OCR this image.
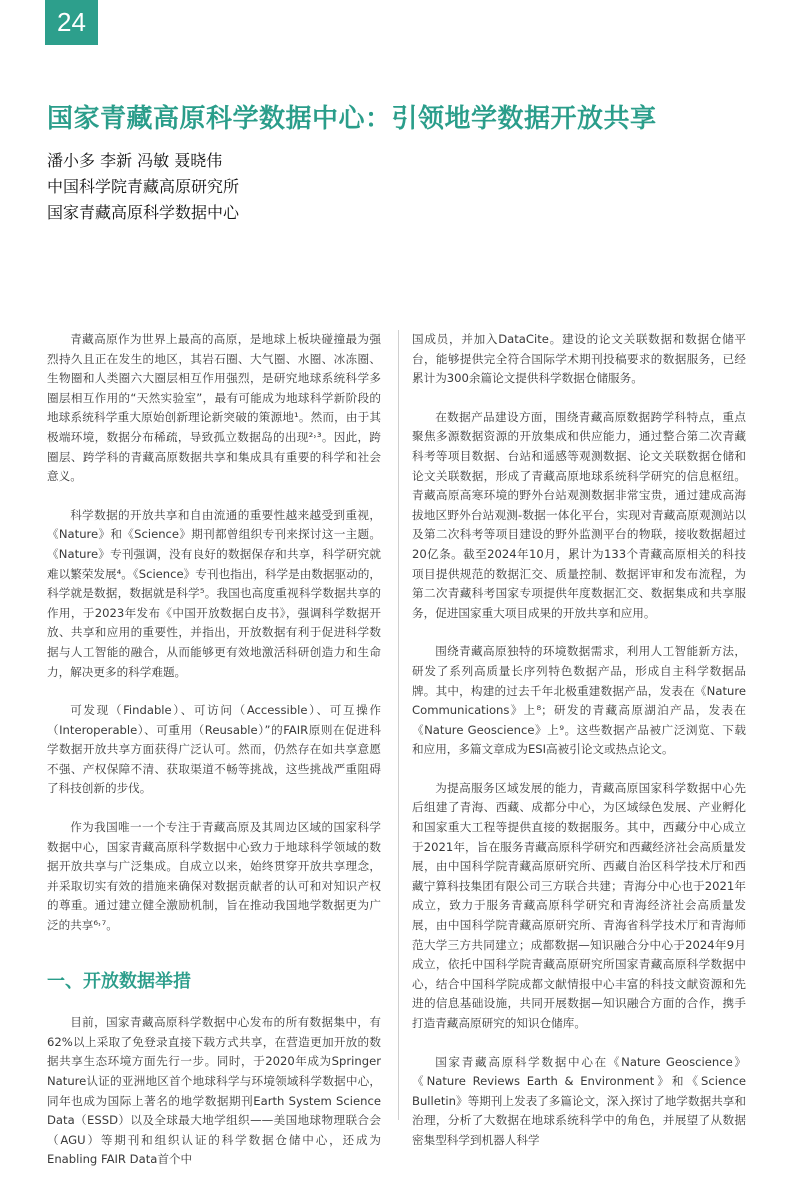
24
国家青藏高原科学数据中心：引领地学数据开放共享
潘小多 李新 冯敏 聂晓伟
中国科学院青藏高原研究所
国家青藏高原科学数据中心

青藏高原作为世界上最高的高原，是地球上板块碰撞最为强烈持久且正在发生的地区，其岩石圈、大气圈、水圈、冰冻圈、生物圈和人类圈六大圈层相互作用强烈，是研究地球系统科学多圈层相互作用的“天然实验室”，最有可能成为地球科学新阶段的地球系统科学重大原始创新理论新突破的策源地¹。然而，由于其极端环境，数据分布稀疏，导致孤立数据岛的出现²˒³。因此，跨圈层、跨学科的青藏高原数据共享和集成具有重要的科学和社会意义。

科学数据的开放共享和自由流通的重要性越来越受到重视，《Nature》和《Science》期刊都曾组织专刊来探讨这一主题。《Nature》专刊强调，没有良好的数据保存和共享，科学研究就难以繁荣发展⁴。《Science》专刊也指出，科学是由数据驱动的，科学就是数据，数据就是科学⁵。我国也高度重视科学数据共享的作用，于2023年发布《中国开放数据白皮书》，强调科学数据开放、共享和应用的重要性，并指出，开放数据有利于促进科学数据与人工智能的融合，从而能够更有效地激活科研创造力和生命力，解决更多的科学难题。

可发现（Findable）、可访问（Accessible）、可互操作（Interoperable）、可重用（Reusable）”的FAIR原则在促进科学数据开放共享方面获得广泛认可。然而，仍然存在如共享意愿不强、产权保障不清、获取渠道不畅等挑战，这些挑战严重阻碍了科技创新的步伐。

作为我国唯一一个专注于青藏高原及其周边区域的国家科学数据中心，国家青藏高原科学数据中心致力于地球科学领域的数据开放共享与广泛集成。自成立以来，始终贯穿开放共享理念，并采取切实有效的措施来确保对数据贡献者的认可和对知识产权的尊重。通过建立健全激励机制，旨在推动我国地学数据更为广泛的共享⁶˒⁷。

一、开放数据举措

目前，国家青藏高原科学数据中心发布的所有数据集中，有62%以上采取了免登录直接下载方式共享，在营造更加开放的数据共享生态环境方面先行一步。同时，于2020年成为Springer Nature认证的亚洲地区首个地球科学与环境领域科学数据中心，同年也成为国际上著名的地学数据期刊Earth System Science Data（ESSD）以及全球最大地学组织——美国地球物理联合会（AGU）等期刊和组织认证的科学数据仓储中心，还成为Enabling FAIR Data首个中

国成员，并加入DataCite。建设的论文关联数据和数据仓储平台，能够提供完全符合国际学术期刊投稿要求的数据服务，已经累计为300余篇论文提供科学数据仓储服务。

在数据产品建设方面，围绕青藏高原数据跨学科特点，重点聚焦多源数据资源的开放集成和供应能力，通过整合第二次青藏科考等项目数据、台站和遥感等观测数据、论文关联数据仓储和论文关联数据，形成了青藏高原地球系统科学研究的信息枢纽。青藏高原高寒环境的野外台站观测数据非常宝贵，通过建成高海拔地区野外台站观测-数据一体化平台，实现对青藏高原观测站以及第二次科考等项目建设的野外监测平台的物联，接收数据超过20亿条。截至2024年10月，累计为133个青藏高原相关的科技项目提供规范的数据汇交、质量控制、数据评审和发布流程，为第二次青藏科考国家专项提供年度数据汇交、数据集成和共享服务，促进国家重大项目成果的开放共享和应用。

围绕青藏高原独特的环境数据需求，利用人工智能新方法，研发了系列高质量长序列特色数据产品，形成自主科学数据品牌。其中，构建的过去千年北极重建数据产品，发表在《Nature Communications》上⁸；研发的青藏高原湖泊产品，发表在《Nature Geoscience》上⁹。这些数据产品被广泛浏览、下载和应用，多篇文章成为ESI高被引论文或热点论文。

为提高服务区域发展的能力，青藏高原国家科学数据中心先后组建了青海、西藏、成都分中心，为区域绿色发展、产业孵化和国家重大工程等提供直接的数据服务。其中，西藏分中心成立于2021年，旨在服务青藏高原科学研究和西藏经济社会高质量发展，由中国科学院青藏高原研究所、西藏自治区科学技术厅和西藏宁算科技集团有限公司三方联合共建；青海分中心也于2021年成立，致力于服务青藏高原科学研究和青海经济社会高质量发展，由中国科学院青藏高原研究所、青海省科学技术厅和青海师范大学三方共同建立；成都数据—知识融合分中心于2024年9月成立，依托中国科学院青藏高原研究所国家青藏高原科学数据中心，结合中国科学院成都文献情报中心丰富的科技文献资源和先进的信息基础设施，共同开展数据—知识融合方面的合作，携手打造青藏高原研究的知识仓储库。

国家青藏高原科学数据中心在《Nature Geoscience》《Nature Reviews Earth & Environment》和《Science Bulletin》等期刊上发表了多篇论文，深入探讨了地学数据共享和治理，分析了大数据在地球系统科学中的角色，并展望了从数据密集型科学到机器人科学
